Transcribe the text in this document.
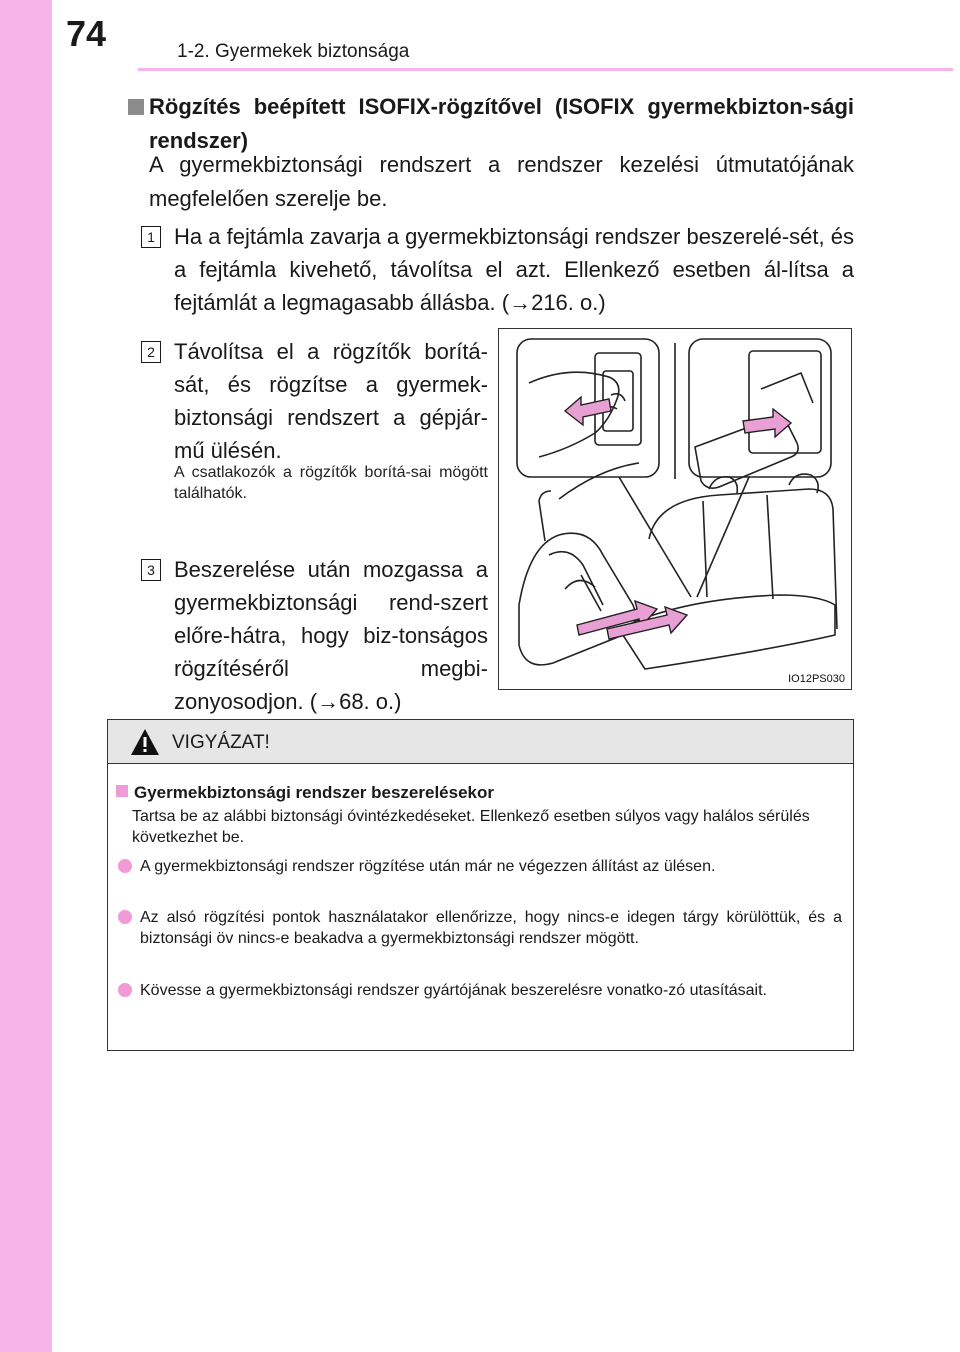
74	1-2. Gyermekek biztonsága
Rögzítés beépített ISOFIX-rögzítővel (ISOFIX gyermekbizton-sági rendszer)
A gyermekbiztonsági rendszert a rendszer kezelési útmutatójának megfelelően szerelje be.
1 Ha a fejtámla zavarja a gyermekbiztonsági rendszer beszerelé-sét, és a fejtámla kivehető, távolítsa el azt. Ellenkező esetben ál-lítsa a fejtámlát a legmagasabb állásba. (→216. o.)
2 Távolítsa el a rögzítők borítá-sát, és rögzítse a gyermek-biztonsági rendszert a gépjár-mű ülésén.
A csatlakozók a rögzítők borítá-sai mögött találhatók.
3 Beszerelése után mozgassa a gyermekbiztonsági rend-szert előre-hátra, hogy biz-tonságos rögzítéséről megbi-zonyosodjon. (→68. o.)
IO12PS030
VIGYÁZAT!
Gyermekbiztonsági rendszer beszerelésekor
Tartsa be az alábbi biztonsági óvintézkedéseket. Ellenkező esetben súlyos vagy halálos sérülés következhet be.
A gyermekbiztonsági rendszer rögzítése után már ne végezzen állítást az ülésen.
Az alsó rögzítési pontok használatakor ellenőrizze, hogy nincs-e idegen tárgy körülöttük, és a biztonsági öv nincs-e beakadva a gyermekbiztonsági rendszer mögött.
Kövesse a gyermekbiztonsági rendszer gyártójának beszerelésre vonatko-zó utasításait.
